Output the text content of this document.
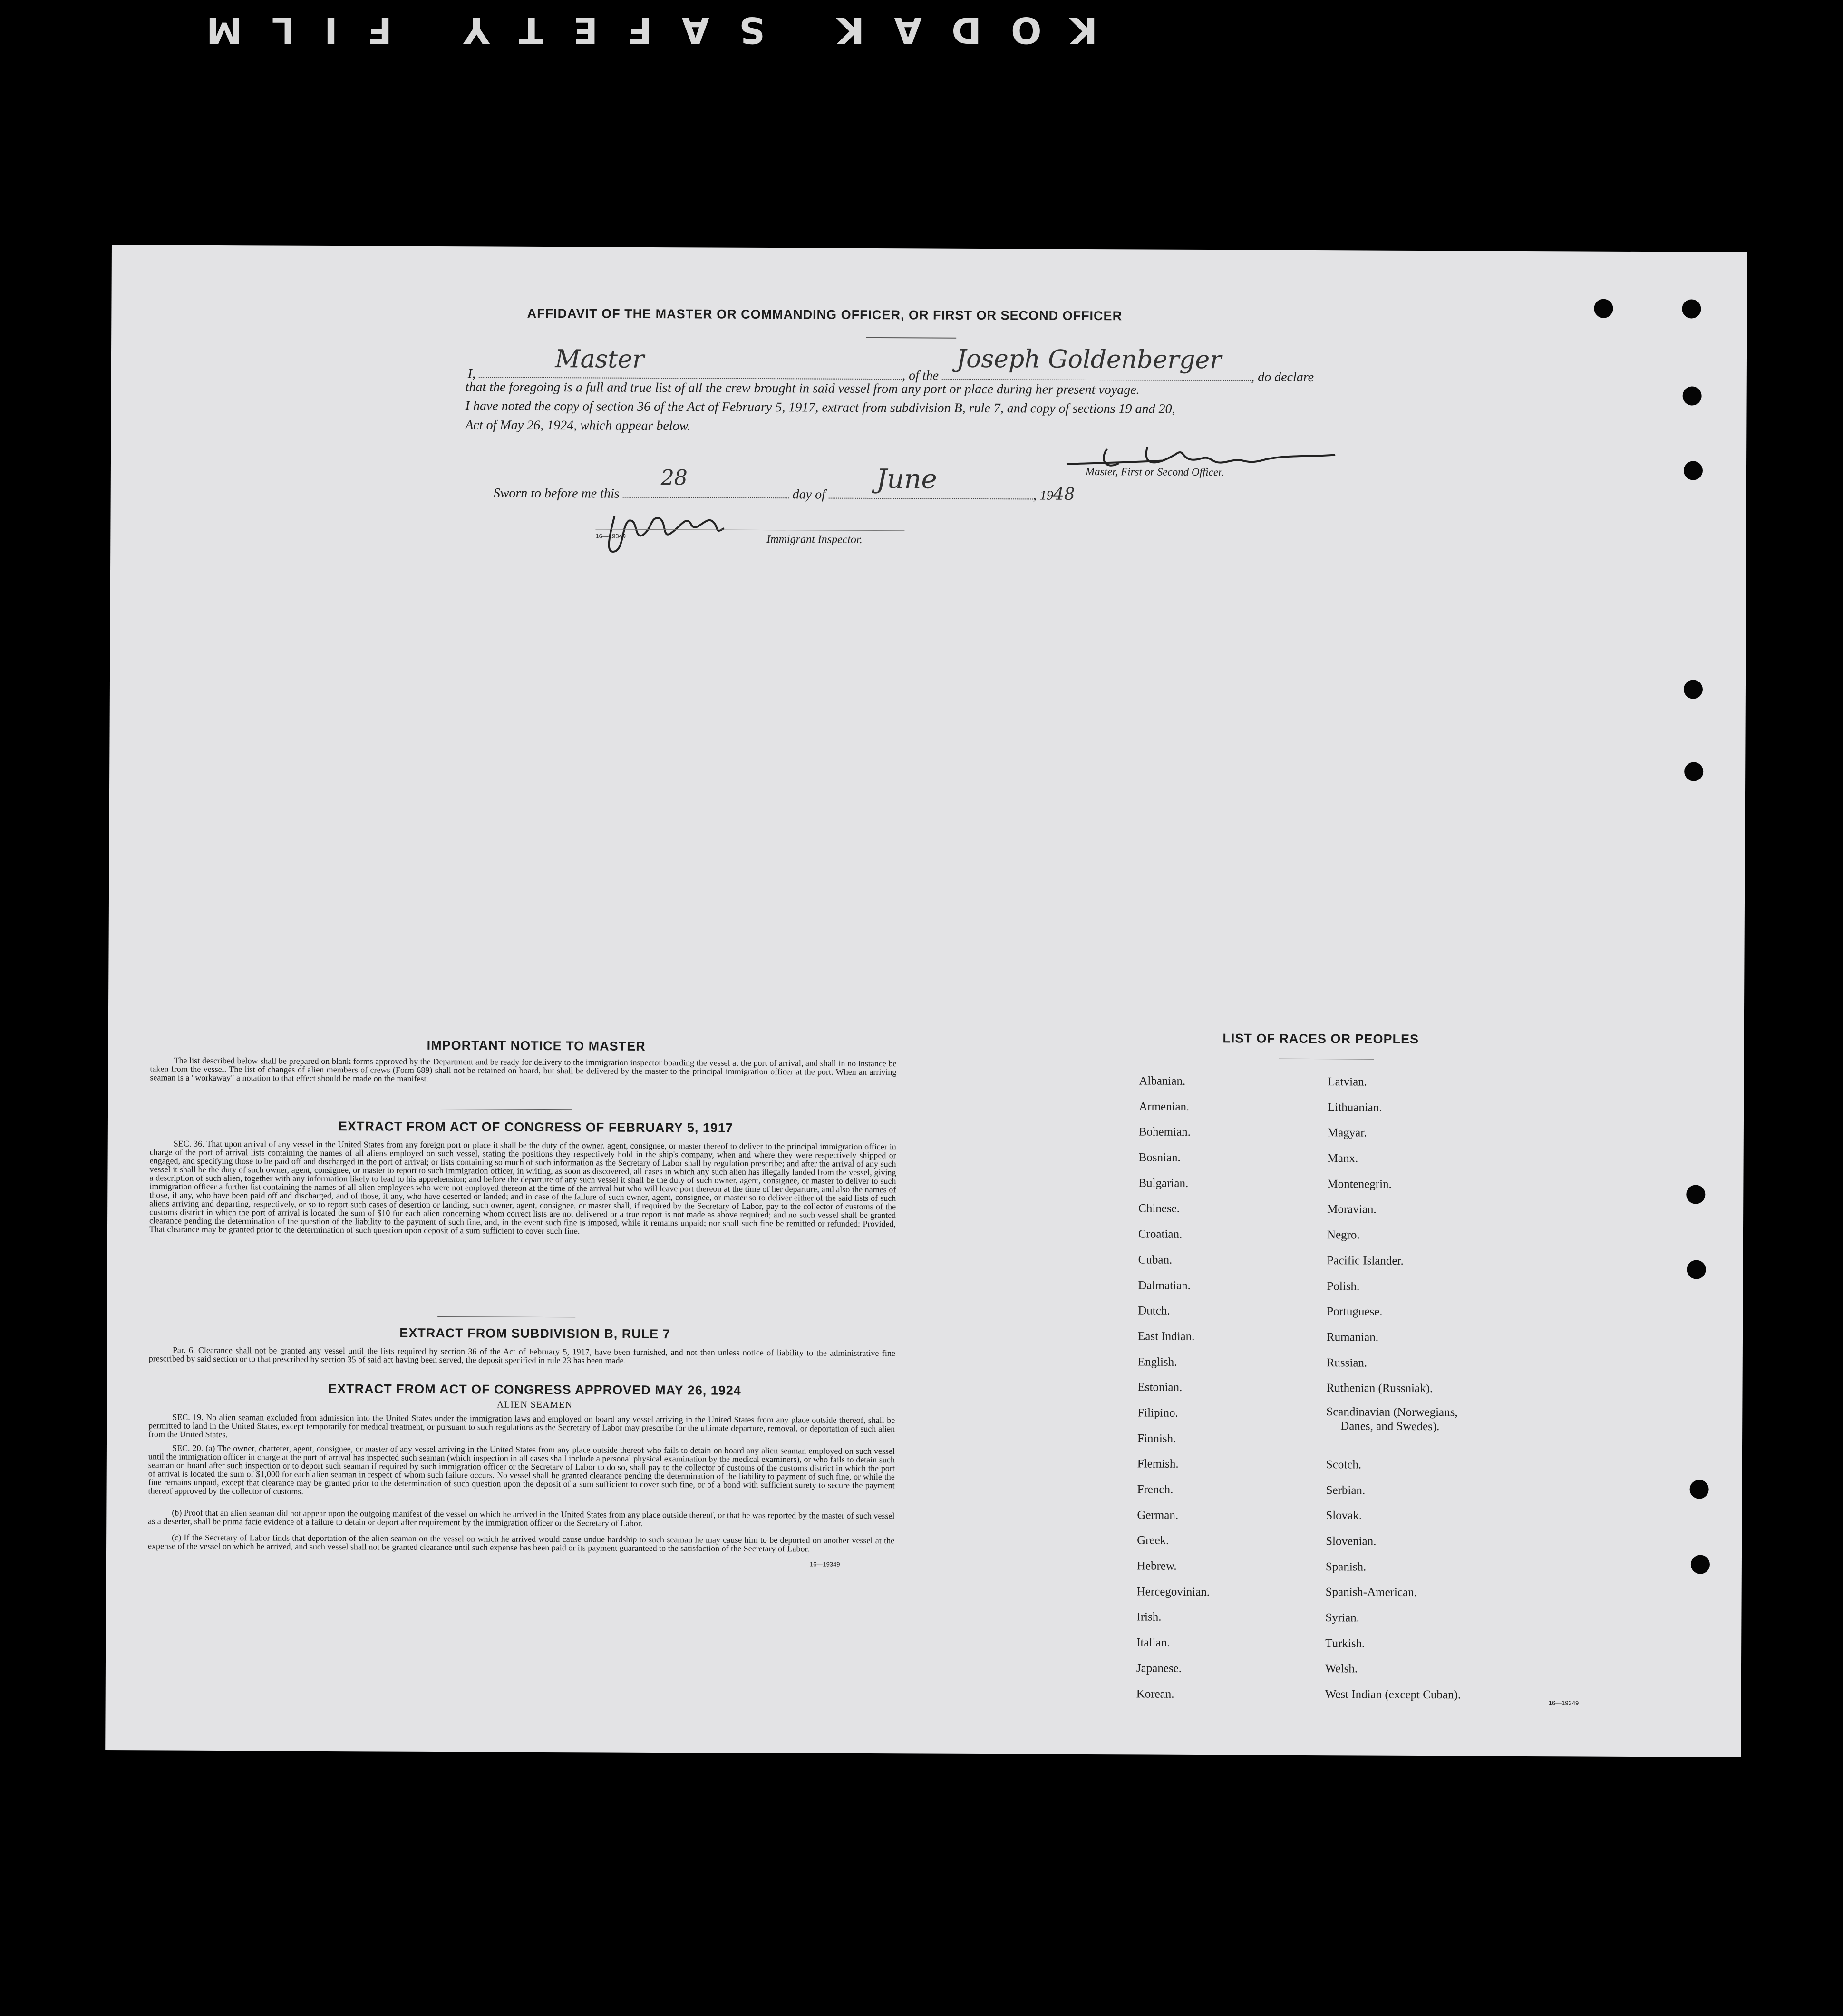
KODAK SAFETY FILM
AFFIDAVIT OF THE MASTER OR COMMANDING OFFICER, OR FIRST OR SECOND OFFICER
I,	Master
, of the
Joseph Goldenberger
, do declare
that the foregoing is a full and true list of all the crew brought in said vessel from any port or place during her present voyage.
I have noted the copy of section 36 of the Act of February 5, 1917, extract from subdivision B, rule 7, and copy of sections 19 and 20,
Act of May 26, 1924, which appear below.
Master, First or Second Officer.
Sworn to before me this
28
day of June
, 1948
16—19349	Immigrant Inspector.
IMPORTANT NOTICE TO MASTER
The list described below shall be prepared on blank forms approved by the Department and be ready for delivery to the immigration inspector boarding the vessel at the port of arrival, and shall in no instance be taken from the vessel. The list of changes of alien members of crews (Form 689) shall not be retained on board, but shall be delivered by the master to the principal immigration officer at the port. When an arriving seaman is a "workaway" a notation to that effect should be made on the manifest.
EXTRACT FROM ACT OF CONGRESS OF FEBRUARY 5, 1917
SEC. 36. That upon arrival of any vessel in the United States from any foreign port or place it shall be the duty of the owner, agent, consignee, or master thereof to deliver to the principal immigration officer in charge of the port of arrival lists containing the names of all aliens employed on such vessel, stating the positions they respectively hold in the ship's company, when and where they were respectively shipped or engaged, and specifying those to be paid off and discharged in the port of arrival; or lists containing so much of such information as the Secretary of Labor shall by regulation prescribe; and after the arrival of any such vessel it shall be the duty of such owner, agent, consignee, or master to report to such immigration officer, in writing, as soon as discovered, all cases in which any such alien has illegally landed from the vessel, giving a description of such alien, together with any information likely to lead to his apprehension; and before the departure of any such vessel it shall be the duty of such owner, agent, consignee, or master to deliver to such immigration officer a further list containing the names of all alien employees who were not employed thereon at the time of the arrival but who will leave port thereon at the time of her departure, and also the names of those, if any, who have been paid off and discharged, and of those, if any, who have deserted or landed; and in case of the failure of such owner, agent, consignee, or master so to deliver either of the said lists of such aliens arriving and departing, respectively, or so to report such cases of desertion or landing, such owner, agent, consignee, or master shall, if required by the Secretary of Labor, pay to the collector of customs of the customs district in which the port of arrival is located the sum of $10 for each alien concerning whom correct lists are not delivered or a true report is not made as above required; and no such vessel shall be granted clearance pending the determination of the question of the liability to the payment of such fine, and, in the event such fine is imposed, while it remains unpaid; nor shall such fine be remitted or refunded: Provided, That clearance may be granted prior to the determination of such question upon deposit of a sum sufficient to cover such fine.
EXTRACT FROM SUBDIVISION B, RULE 7
Par. 6. Clearance shall not be granted any vessel until the lists required by section 36 of the Act of February 5, 1917, have been furnished, and not then unless notice of liability to the administrative fine prescribed by said section or to that prescribed by section 35 of said act having been served, the deposit specified in rule 23 has been made.
EXTRACT FROM ACT OF CONGRESS APPROVED MAY 26, 1924
ALIEN SEAMEN
SEC. 19. No alien seaman excluded from admission into the United States under the immigration laws and employed on board any vessel arriving in the United States from any place outside thereof, shall be permitted to land in the United States, except temporarily for medical treatment, or pursuant to such regulations as the Secretary of Labor may prescribe for the ultimate departure, removal, or deportation of such alien from the United States.
SEC. 20. (a) The owner, charterer, agent, consignee, or master of any vessel arriving in the United States from any place outside thereof who fails to detain on board any alien seaman employed on such vessel until the immigration officer in charge at the port of arrival has inspected such seaman (which inspection in all cases shall include a personal physical examination by the medical examiners), or who fails to detain such seaman on board after such inspection or to deport such seaman if required by such immigration officer or the Secretary of Labor to do so, shall pay to the collector of customs of the customs district in which the port of arrival is located the sum of $1,000 for each alien seaman in respect of whom such failure occurs. No vessel shall be granted clearance pending the determination of the liability to payment of such fine, or while the fine remains unpaid, except that clearance may be granted prior to the determination of such question upon the deposit of a sum sufficient to cover such fine, or of a bond with sufficient surety to secure the payment thereof approved by the collector of customs.
(b) Proof that an alien seaman did not appear upon the outgoing manifest of the vessel on which he arrived in the United States from any place outside thereof, or that he was reported by the master of such vessel as a deserter, shall be prima facie evidence of a failure to detain or deport after requirement by the immigration officer or the Secretary of Labor.
(c) If the Secretary of Labor finds that deportation of the alien seaman on the vessel on which he arrived would cause undue hardship to such seaman he may cause him to be deported on another vessel at the expense of the vessel on which he arrived, and such vessel shall not be granted clearance until such expense has been paid or its payment guaranteed to the satisfaction of the Secretary of Labor.
16—19349
LIST OF RACES OR PEOPLES
Albanian.
Armenian.
Bohemian.
Bosnian.
Bulgarian.
Chinese.
Croatian.
Cuban.
Dalmatian.
Dutch.
East Indian.
English.
Estonian.
Filipino.
Finnish.
Flemish.
French.
German.
Greek.
Hebrew.
Hercegovinian.
Irish.
Italian.
Japanese.
Korean.
Latvian.
Lithuanian.
Magyar.
Manx.
Montenegrin.
Moravian.
Negro.
Pacific Islander.
Polish.
Portuguese.
Rumanian.
Russian.
Ruthenian (Russniak).
Scandinavian (Norwegians,
Danes, and Swedes).
Scotch.
Serbian.
Slovak.
Slovenian.
Spanish.
Spanish-American.
Syrian.
Turkish.
Welsh.
West Indian (except Cuban).
16—19349
